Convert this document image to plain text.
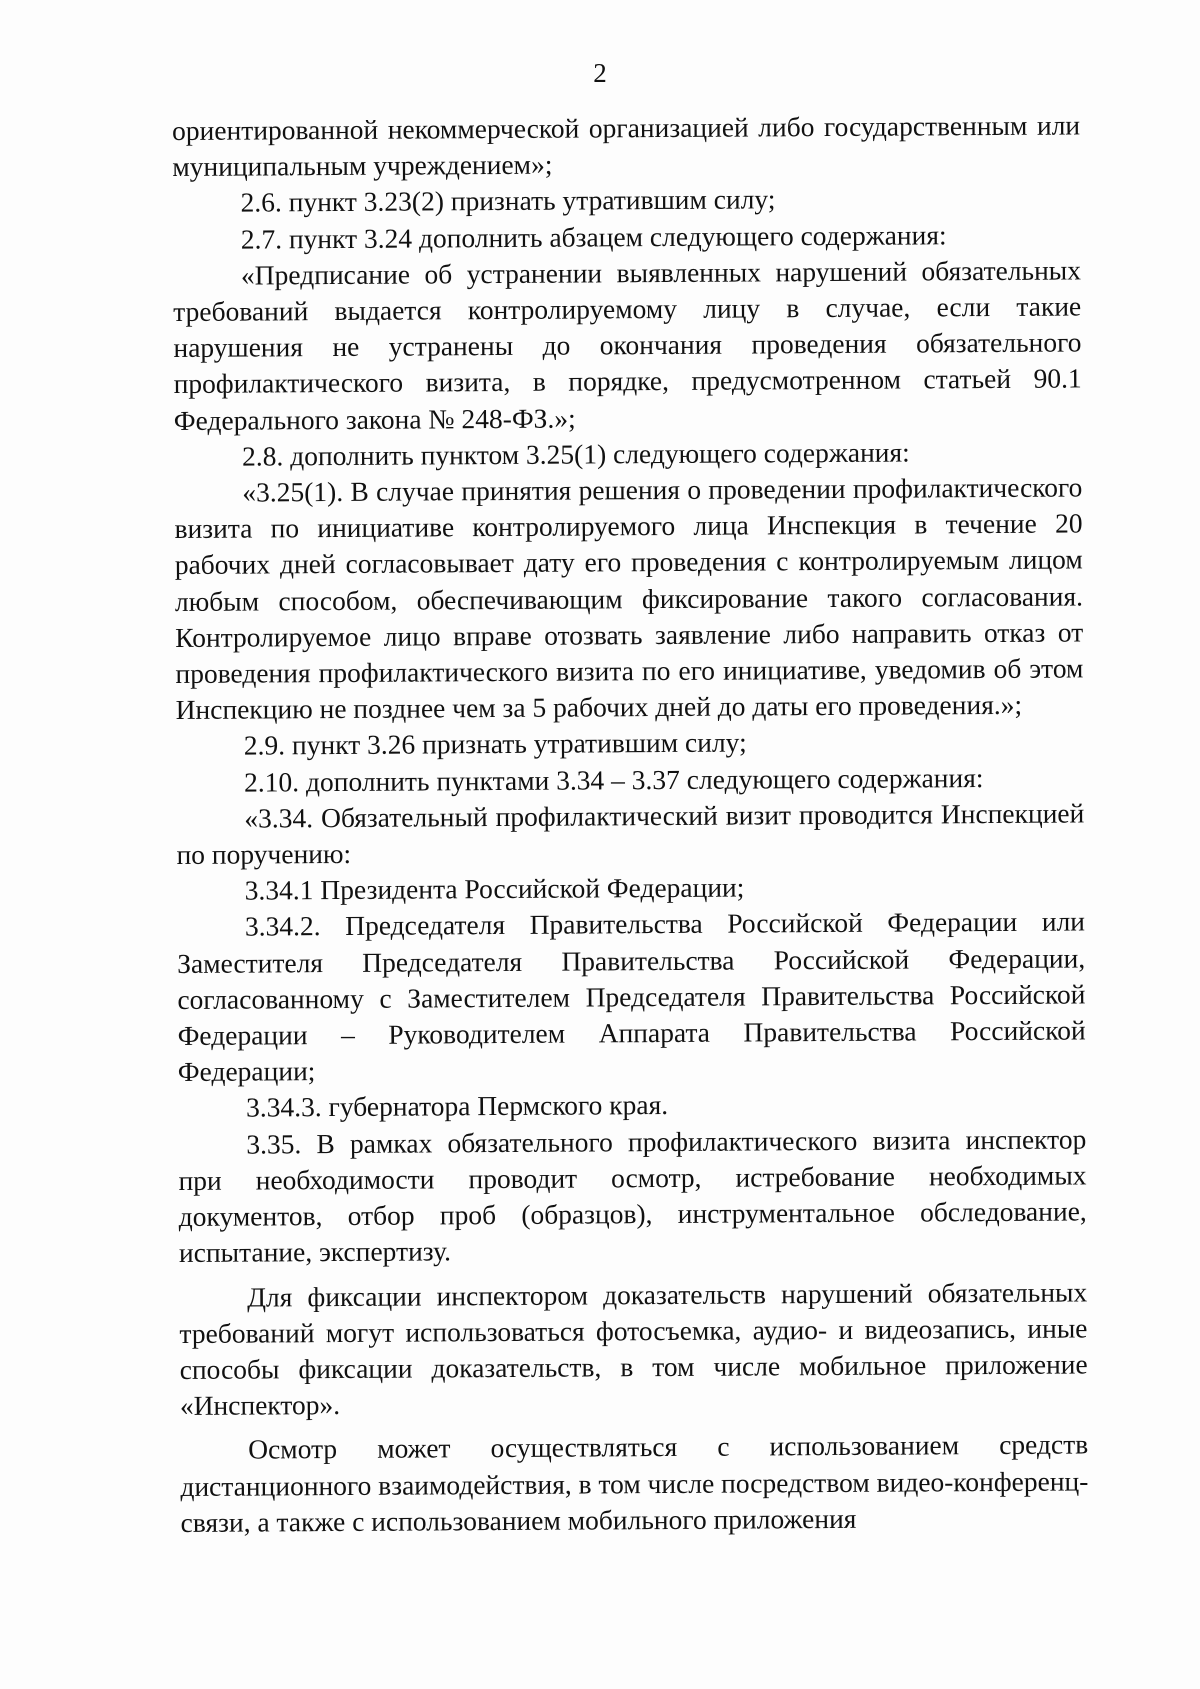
2

ориентированной некоммерческой организацией либо государственным или муниципальным учреждением»;

2.6. пункт 3.23(2) признать утратившим силу;

2.7. пункт 3.24 дополнить абзацем следующего содержания:

«Предписание об устранении выявленных нарушений обязательных требований выдается контролируемому лицу в случае, если такие нарушения не устранены до окончания проведения обязательного профилактического визита, в порядке, предусмотренном статьей 90.1 Федерального закона № 248-ФЗ.»;

2.8. дополнить пунктом 3.25(1) следующего содержания:

«3.25(1). В случае принятия решения о проведении профилактического визита по инициативе контролируемого лица Инспекция в течение 20 рабочих дней согласовывает дату его проведения с контролируемым лицом любым способом, обеспечивающим фиксирование такого согласования. Контролируемое лицо вправе отозвать заявление либо направить отказ от проведения профилактического визита по его инициативе, уведомив об этом Инспекцию не позднее чем за 5 рабочих дней до даты его проведения.»;

2.9. пункт 3.26 признать утратившим силу;

2.10. дополнить пунктами 3.34 – 3.37 следующего содержания:

«3.34. Обязательный профилактический визит проводится Инспекцией по поручению:

3.34.1 Президента Российской Федерации;

3.34.2. Председателя Правительства Российской Федерации или Заместителя Председателя Правительства Российской Федерации, согласованному с Заместителем Председателя Правительства Российской Федерации – Руководителем Аппарата Правительства Российской Федерации;

3.34.3. губернатора Пермского края.

3.35. В рамках обязательного профилактического визита инспектор при необходимости проводит осмотр, истребование необходимых документов, отбор проб (образцов), инструментальное обследование, испытание, экспертизу.

Для фиксации инспектором доказательств нарушений обязательных требований могут использоваться фотосъемка, аудио- и видеозапись, иные способы фиксации доказательств, в том числе мобильное приложение «Инспектор».

Осмотр может осуществляться с использованием средств дистанционного взаимодействия, в том числе посредством видео-конференц-связи, а также с использованием мобильного приложения
